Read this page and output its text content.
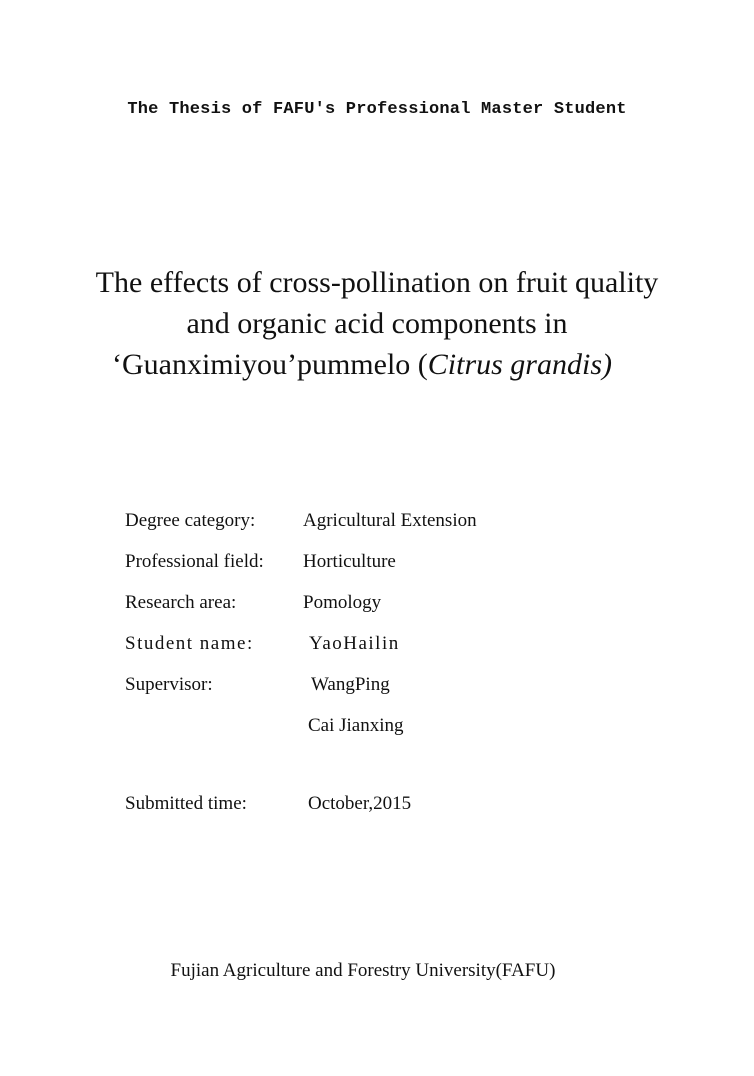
The Thesis of FAFU's Professional Master Student
The effects of cross-pollination on fruit quality
and organic acid components in
‘Guanximiyou’pummelo (Citrus grandis)
Degree category:	Agricultural Extension
Professional field: Horticulture
Research area:	Pomology
Student name:	YaoHailin
Supervisor:	WangPing
Cai Jianxing
Submitted time:	October,2015
Fujian Agriculture and Forestry University(FAFU)
